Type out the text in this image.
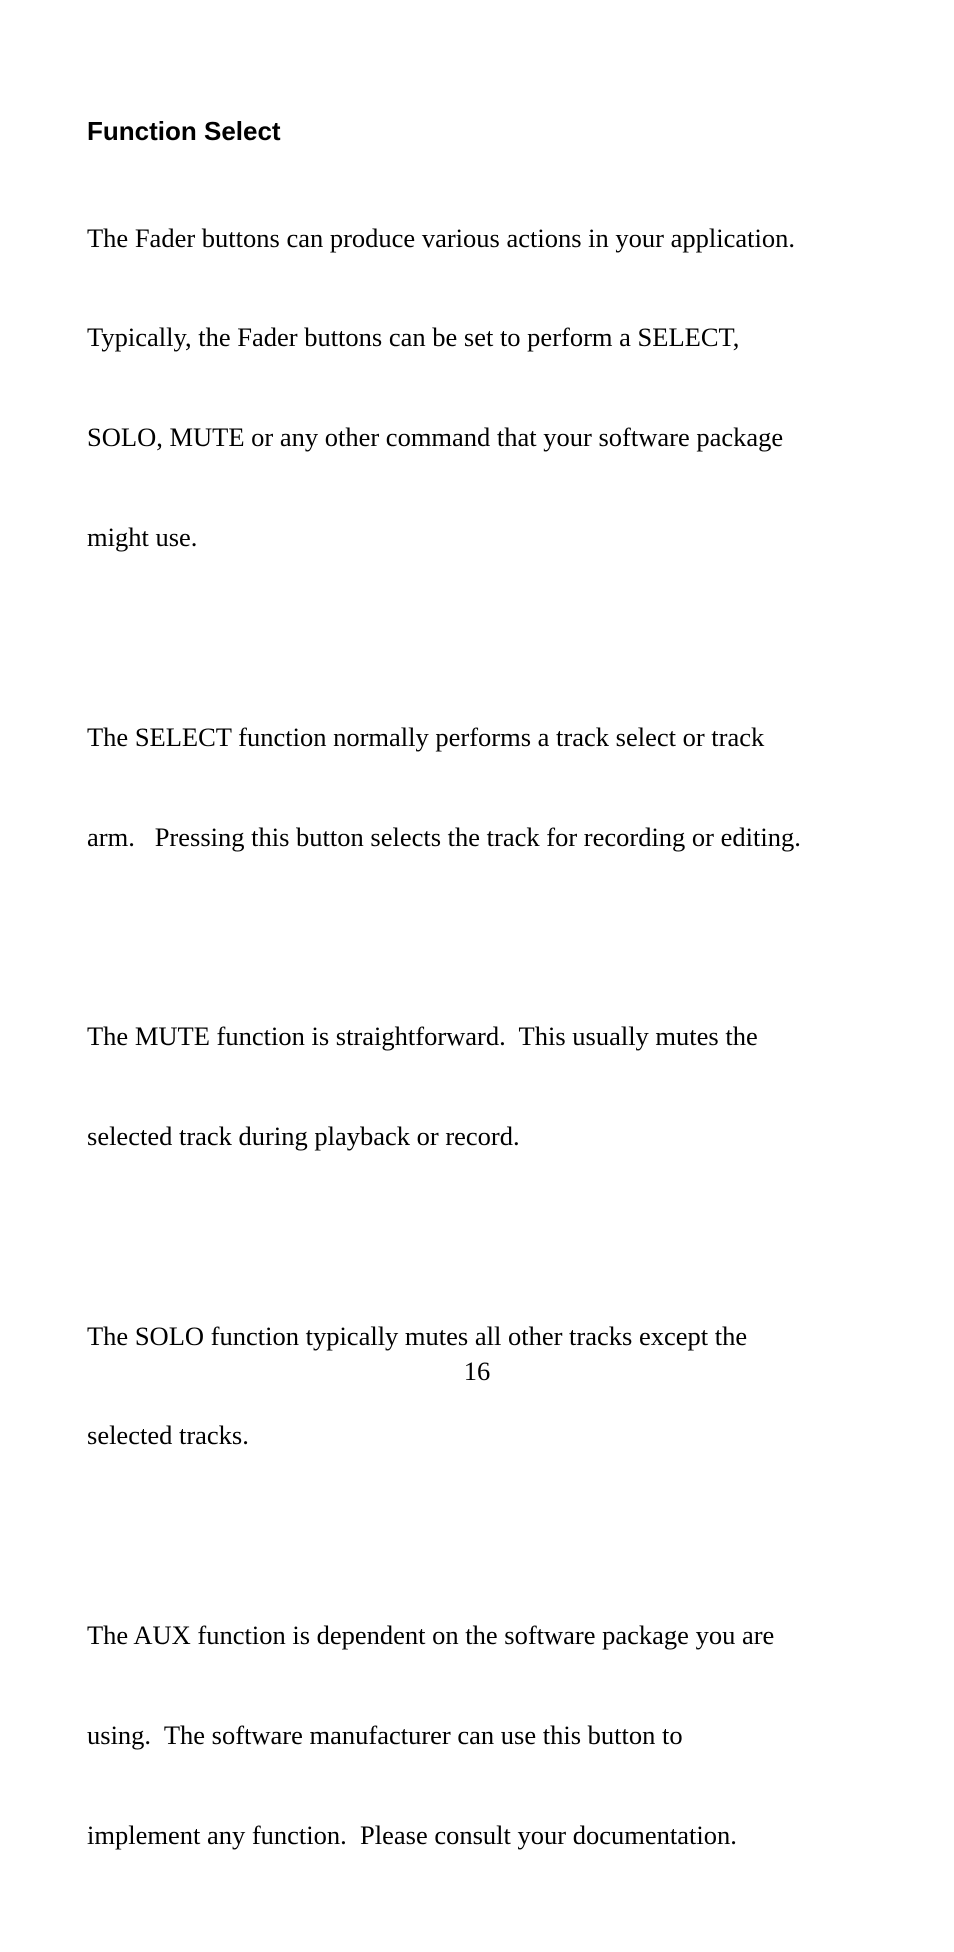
Function Select

The Fader buttons can produce various actions in your application.

Typically, the Fader buttons can be set to perform a SELECT,

SOLO, MUTE or any other command that your software package

might use.

The SELECT function normally performs a track select or track

arm.   Pressing this button selects the track for recording or editing.

The MUTE function is straightforward.  This usually mutes the

selected track during playback or record.

The SOLO function typically mutes all other tracks except the

selected tracks.

The AUX function is dependent on the software package you are

using.  The software manufacturer can use this button to

implement any function.  Please consult your documentation.

16
